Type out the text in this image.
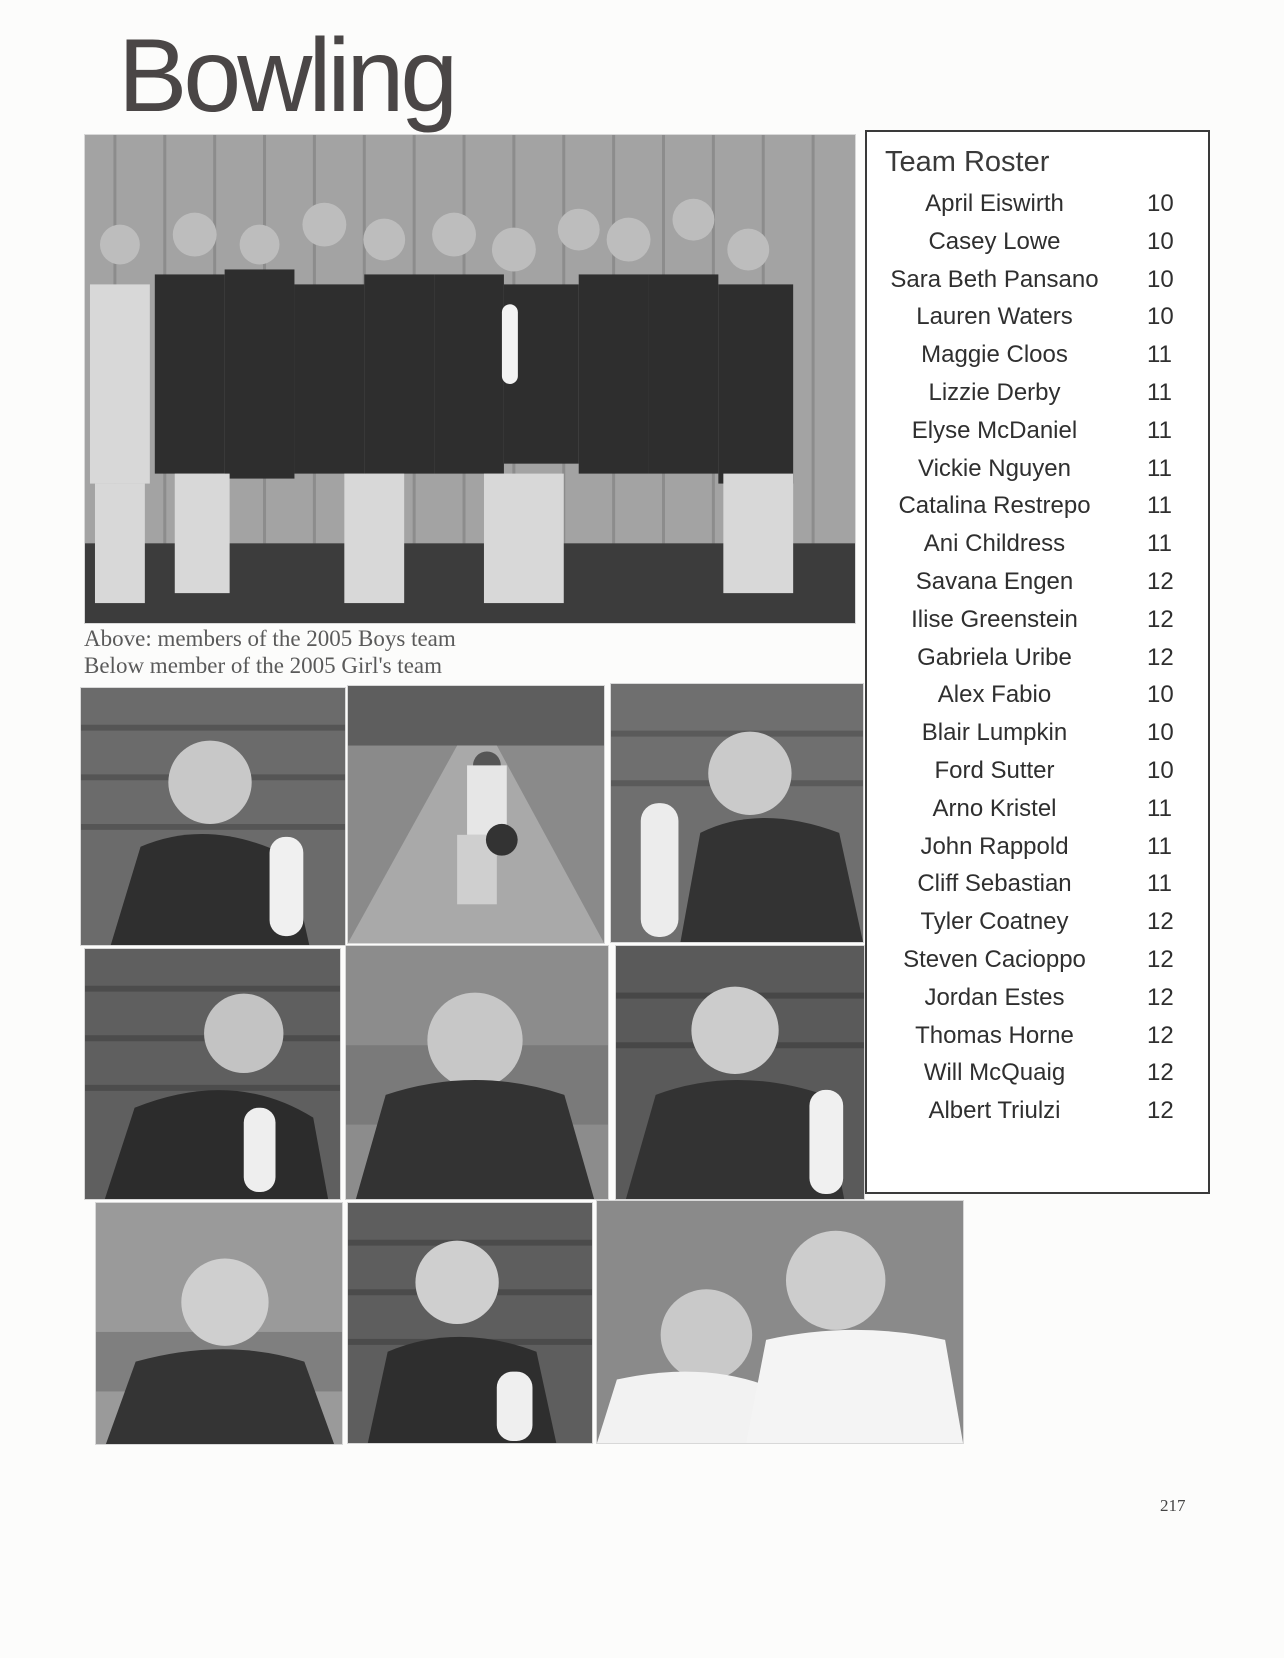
Bowling
Above: members of the 2005 Boys team
Below member of the 2005 Girl's team
Team Roster
April Eiswirth	10
Casey Lowe	10
Sara Beth Pansano	10
Lauren Waters	10
Maggie Cloos	11
Lizzie Derby	11
Elyse McDaniel	11
Vickie Nguyen	11
Catalina Restrepo	11
Ani Childress	11
Savana Engen	12
Ilise Greenstein	12
Gabriela Uribe	12
Alex Fabio	10
Blair Lumpkin	10
Ford Sutter	10
Arno Kristel	11
John Rappold	11
Cliff Sebastian	11
Tyler Coatney	12
Steven Cacioppo	12
Jordan Estes	12
Thomas Horne	12
Will McQuaig	12
Albert Triulzi	12
217
